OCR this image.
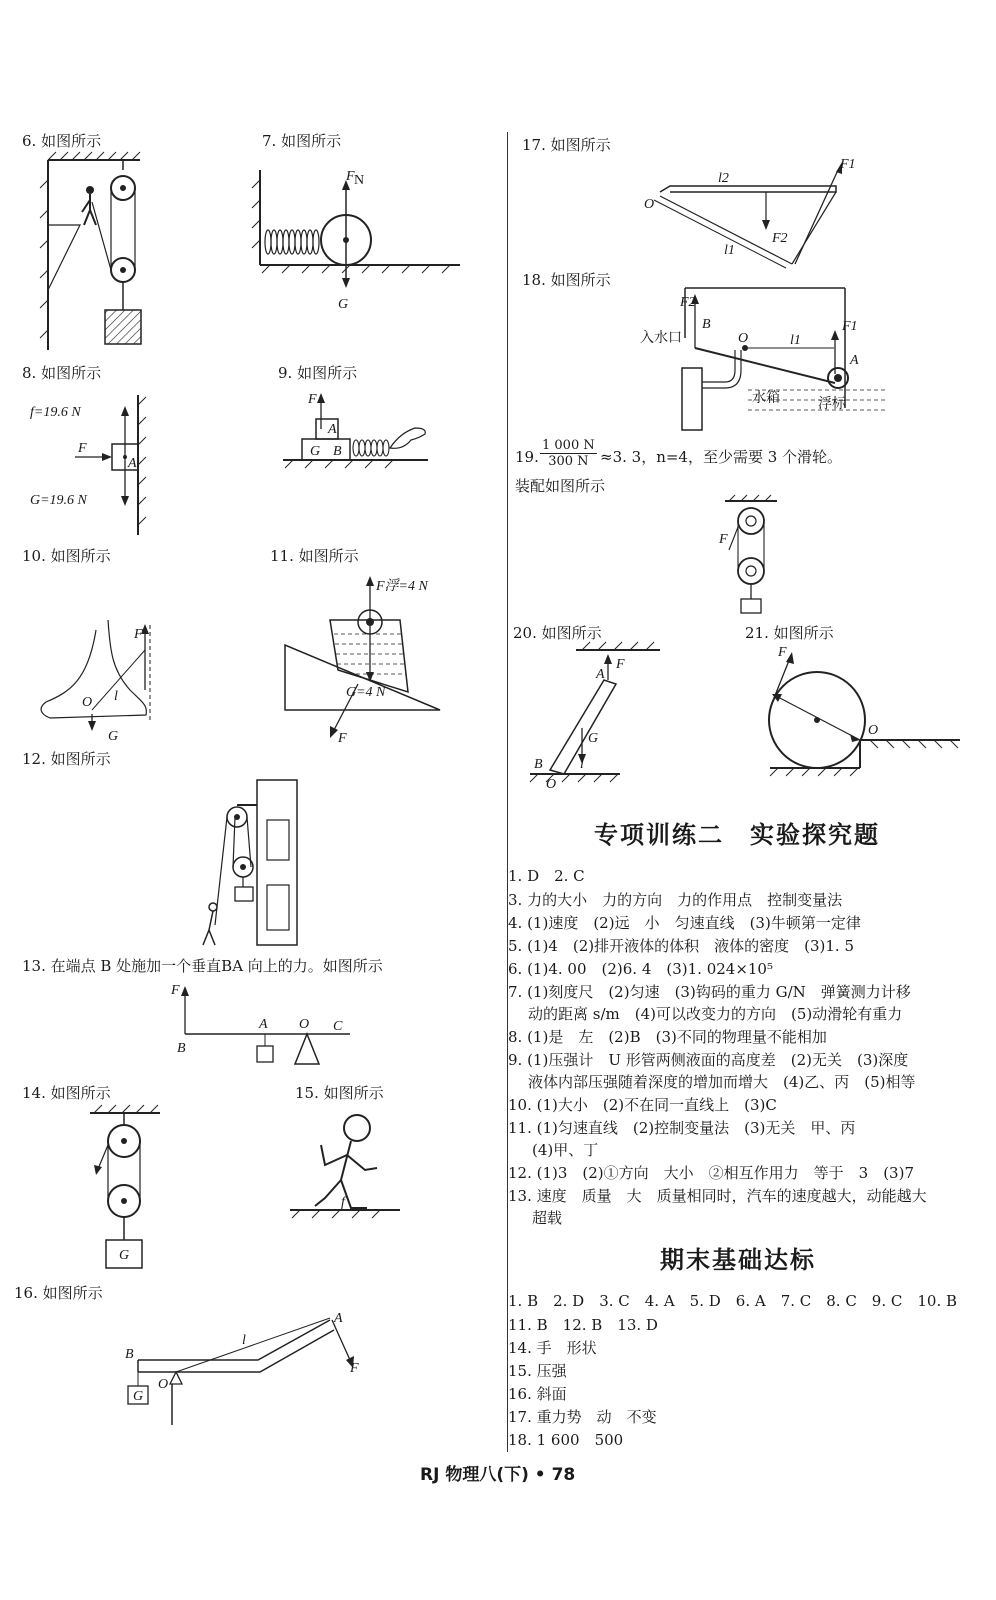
6. 如图所示	7. 如图所示
F N
G
8. 如图所示	9. 如图所示
f=19.6 N
F
A
G=19.6 N
F
A
G B
10. 如图所示	11. 如图所示
F
O l
G
F浮=4 N
G=4 N
F
12. 如图所示
13. 在端点 B 处施加一个垂直BA 向上的力。如图所示
F
B
A O C
14. 如图所示	15. 如图所示
G
f
16. 如图所示
G
B
O
l
A
F
17. 如图所示
O
l2
F2
l1
F1
18. 如图所示
入水口
B
F2
O	l1
F1
A
水箱	浮标
19. $\frac{1 000 N}{300 N} \approx 3$. 3，n=4，至少需要 3 个滑轮。
装配如图所示
F
20. 如图所示	21. 如图所示
A
F
G
B
O
l
F
O
专项训练二　实验探究题
1. D　2. C
3. 力的大小　力的方向　力的作用点　控制变量法
4. (1)速度　(2)远　小　匀速直线　(3)牛顿第一定律
5. (1)4　(2)排开液体的体积　液体的密度　(3)1. 5
6. (1)4. 00　(2)6. 4　(3)1. 024×10⁵
7. (1)刻度尺　(2)匀速　(3)钩码的重力 G/N　弹簧测力计移
动的距离 s/m　(4)可以改变力的方向　(5)动滑轮有重力
8. (1)是　左　(2)B　(3)不同的物理量不能相加
9. (1)压强计　U 形管两侧液面的高度差　(2)无关　(3)深度
液体内部压强随着深度的增加而增大　(4)乙、丙　(5)相等
10. (1)大小　(2)不在同一直线上　(3)C
11. (1)匀速直线　(2)控制变量法　(3)无关　甲、丙
(4)甲、丁
12. (1)3　(2)①方向　大小　②相互作用力　等于　3　(3)7
13. 速度　质量　大　质量相同时，汽车的速度越大，动能越大
超载
期末基础达标
1. B　2. D　3. C　4. A　5. D　6. A　7. C　8. C　9. C　10. B
11. B　12. B　13. D
14. 手　形状
15. 压强
16. 斜面
17. 重力势　动　不变
18. 1 600　500
RJ 物理八(下) • 78
